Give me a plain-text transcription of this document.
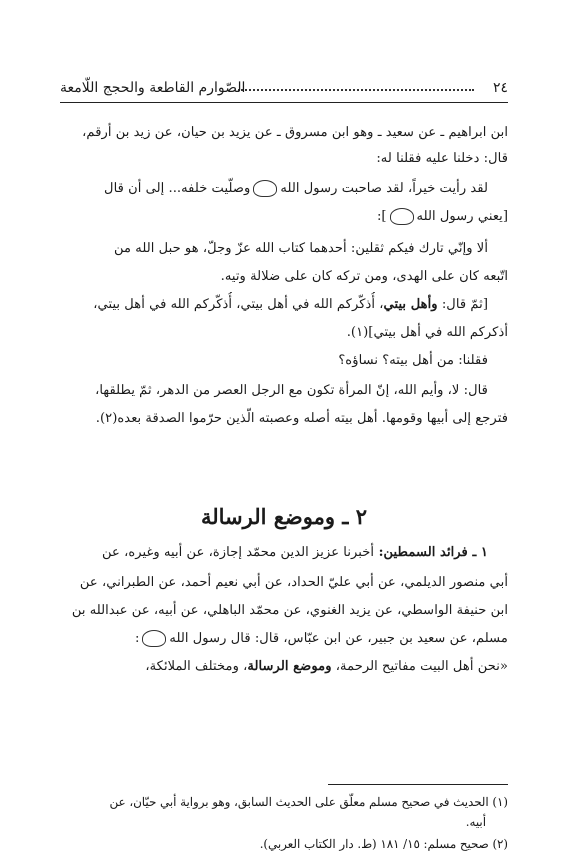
٢٤
الصّوارم القاطعة والحجج اللّامعة
ابن ابراهيم ـ عن سعيد ـ وهو ابن مسروق ـ عن يزيد بن حيان، عن زيد بن أرقم،
قال: دخلنا عليه فقلنا له:
لقد رأيت خيراً، لقد صاحبت رسول اللهوصلّيت خلفه... إلى أن قال
[يعني رسول الله]:
ألا وإنّي تارك فيكم ثقلين: أحدهما كتاب الله عزّ وجلّ، هو حبل الله من
اتّبعه كان على الهدى، ومن تركه كان على ضلالة وتيه.
[ثمّ قال: وأهل بيتي، أُذكّركم الله في أهل بيتي، أُذكّركم الله في أهل بيتي،
أذكركم الله في أهل بيتي](١).
فقلنا: من أهل بيته؟ نساؤه؟
قال: لا، وأيم الله، إنّ المرأة تكون مع الرجل العصر من الدهر، ثمّ يطلقها،
فترجع إلى أبيها وقومها. أهل بيته أصله وعصبته الّذين حرّموا الصدقة بعده(٢).
٢ ـ وموضع الرسالة
١ ـ فرائد السمطين: أخبرنا عزيز الدين محمّد إجازة، عن أبيه وغيره، عن
أبي منصور الديلمي، عن أبي عليّ الحداد، عن أبي نعيم أحمد، عن الطبراني، عن
ابن حنيفة الواسطي، عن يزيد الغنوي، عن محمّد الباهلي، عن أبيه، عن عبدالله بن
مسلم، عن سعيد بن جبير، عن ابن عبّاس، قال: قال رسول الله:
«نحن أهل البيت مفاتيح الرحمة، وموضع الرسالة، ومختلف الملائكة،
(١) الحديث في صحيح مسلم معلّق على الحديث السابق، وهو برواية أبي حيّان، عن
أبيه.
(٢) صحيح مسلم: ١٥/ ١٨١ (ط. دار الكتاب العربي).
